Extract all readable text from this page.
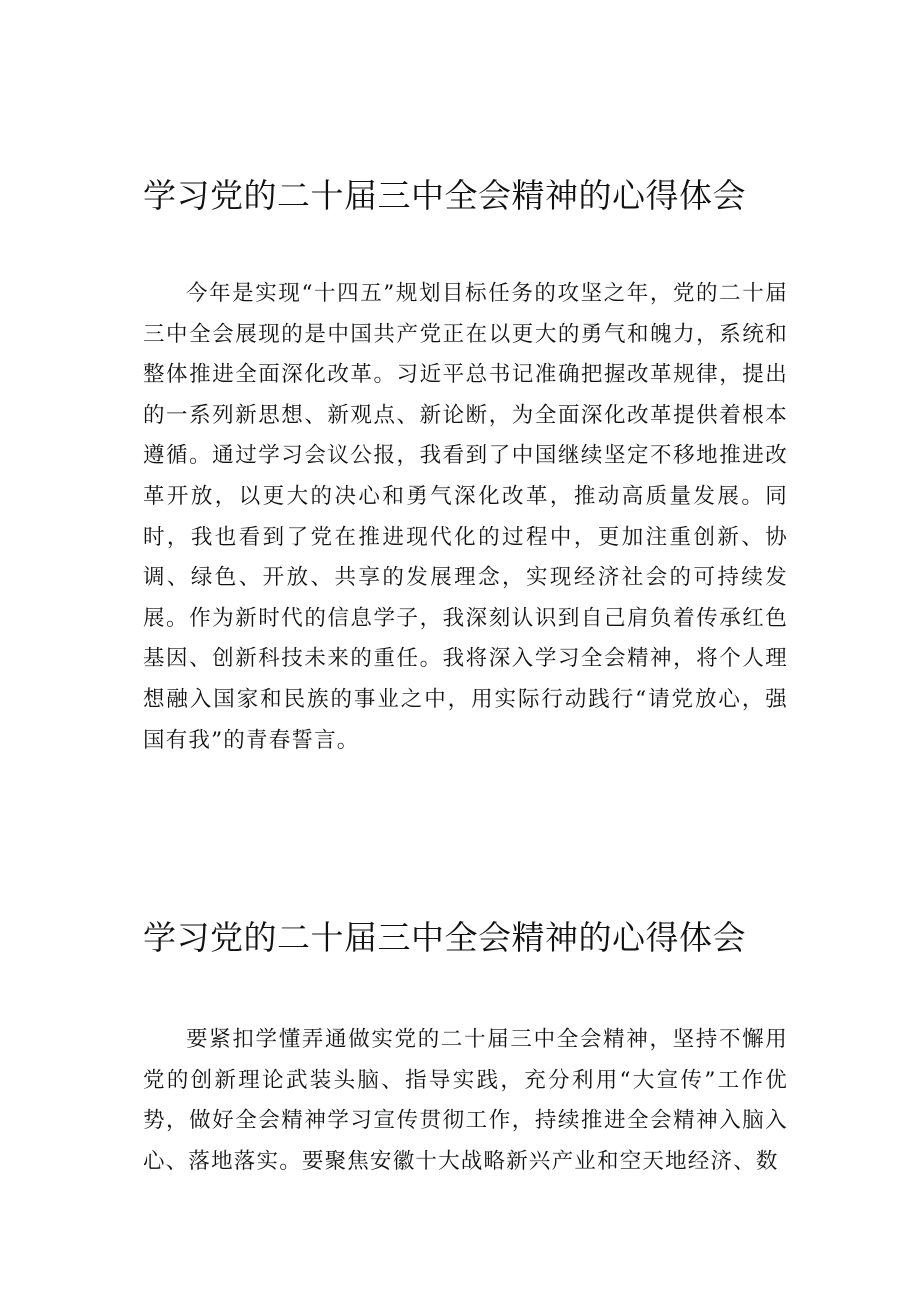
学习党的二十届三中全会精神的心得体会

今年是实现“十四五”规划目标任务的攻坚之年，党的二十届三中全会展现的是中国共产党正在以更大的勇气和魄力，系统和整体推进全面深化改革。习近平总书记准确把握改革规律，提出的一系列新思想、新观点、新论断，为全面深化改革提供着根本遵循。通过学习会议公报，我看到了中国继续坚定不移地推进改革开放，以更大的决心和勇气深化改革，推动高质量发展。同时，我也看到了党在推进现代化的过程中，更加注重创新、协调、绿色、开放、共享的发展理念，实现经济社会的可持续发展。作为新时代的信息学子，我深刻认识到自己肩负着传承红色基因、创新科技未来的重任。我将深入学习全会精神，将个人理想融入国家和民族的事业之中，用实际行动践行“请党放心，强国有我”的青春誓言。

学习党的二十届三中全会精神的心得体会

要紧扣学懂弄通做实党的二十届三中全会精神，坚持不懈用党的创新理论武装头脑、指导实践，充分利用“大宣传”工作优势，做好全会精神学习宣传贯彻工作，持续推进全会精神入脑入心、落地落实。要聚焦安徽十大战略新兴产业和空天地经济、数
